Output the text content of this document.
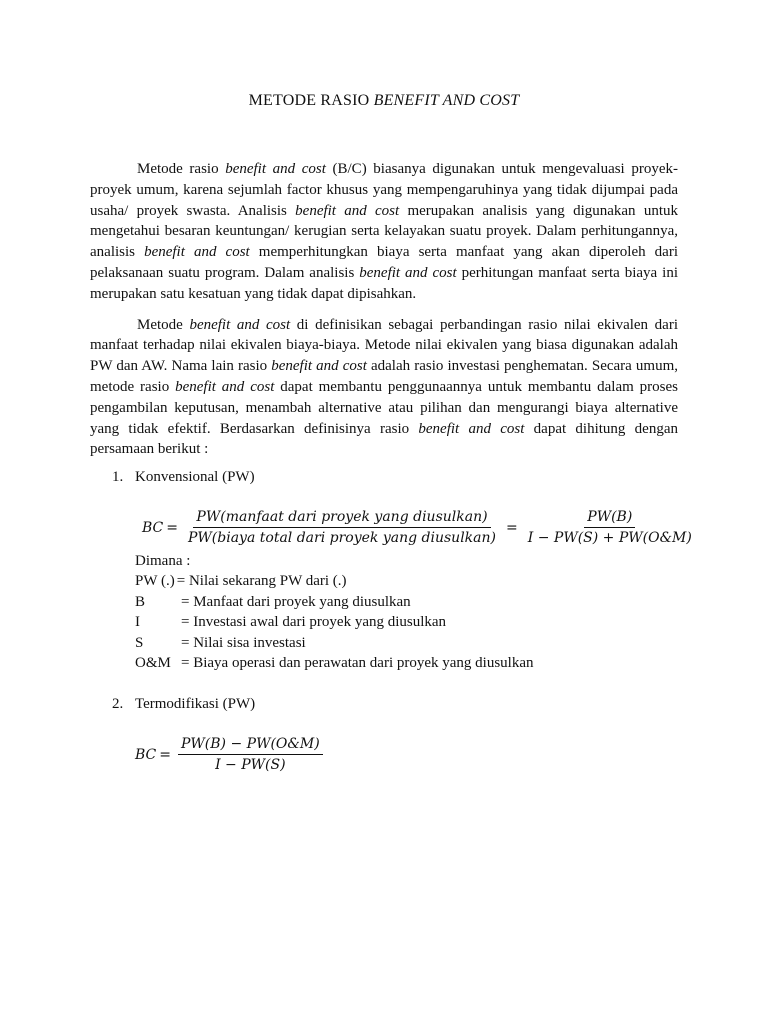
METODE RASIO BENEFIT AND COST

Metode rasio benefit and cost (B/C) biasanya digunakan untuk mengevaluasi proyek-proyek umum, karena sejumlah factor khusus yang mempengaruhinya yang tidak dijumpai pada usaha/ proyek swasta. Analisis benefit and cost merupakan analisis yang digunakan untuk mengetahui besaran keuntungan/ kerugian serta kelayakan suatu proyek. Dalam perhitungannya, analisis benefit and cost memperhitungkan biaya serta manfaat yang akan diperoleh dari pelaksanaan suatu program. Dalam analisis benefit and cost perhitungan manfaat serta biaya ini merupakan satu kesatuan yang tidak dapat dipisahkan.

Metode benefit and cost di definisikan sebagai perbandingan rasio nilai ekivalen dari manfaat terhadap nilai ekivalen biaya-biaya. Metode nilai ekivalen yang biasa digunakan adalah PW dan AW. Nama lain rasio benefit and cost adalah rasio investasi penghematan. Secara umum, metode rasio benefit and cost dapat membantu penggunaannya untuk membantu dalam proses pengambilan keputusan, menambah alternative atau pilihan dan mengurangi biaya alternative yang tidak efektif. Berdasarkan definisinya rasio benefit and cost dapat dihitung dengan persamaan berikut :

1. Konvensional (PW)
BC = $\frac{\text{PW(manfaat dari proyek yang diusulkan)}}{\text{PW(biaya total dari proyek yang diusulkan)}} = \frac{PW(B)}{I - PW(S) + PW(O\&M)}$
Dimana :
PW (.) = Nilai sekarang PW dari (.)
B	= Manfaat dari proyek yang diusulkan
I	= Investasi awal dari proyek yang diusulkan
S	= Nilai sisa investasi
O&M = Biaya operasi dan perawatan dari proyek yang diusulkan
2. Termodifikasi (PW)
BC = $\frac{PW(B) - PW(O\&M)}{I - PW(S)}$
